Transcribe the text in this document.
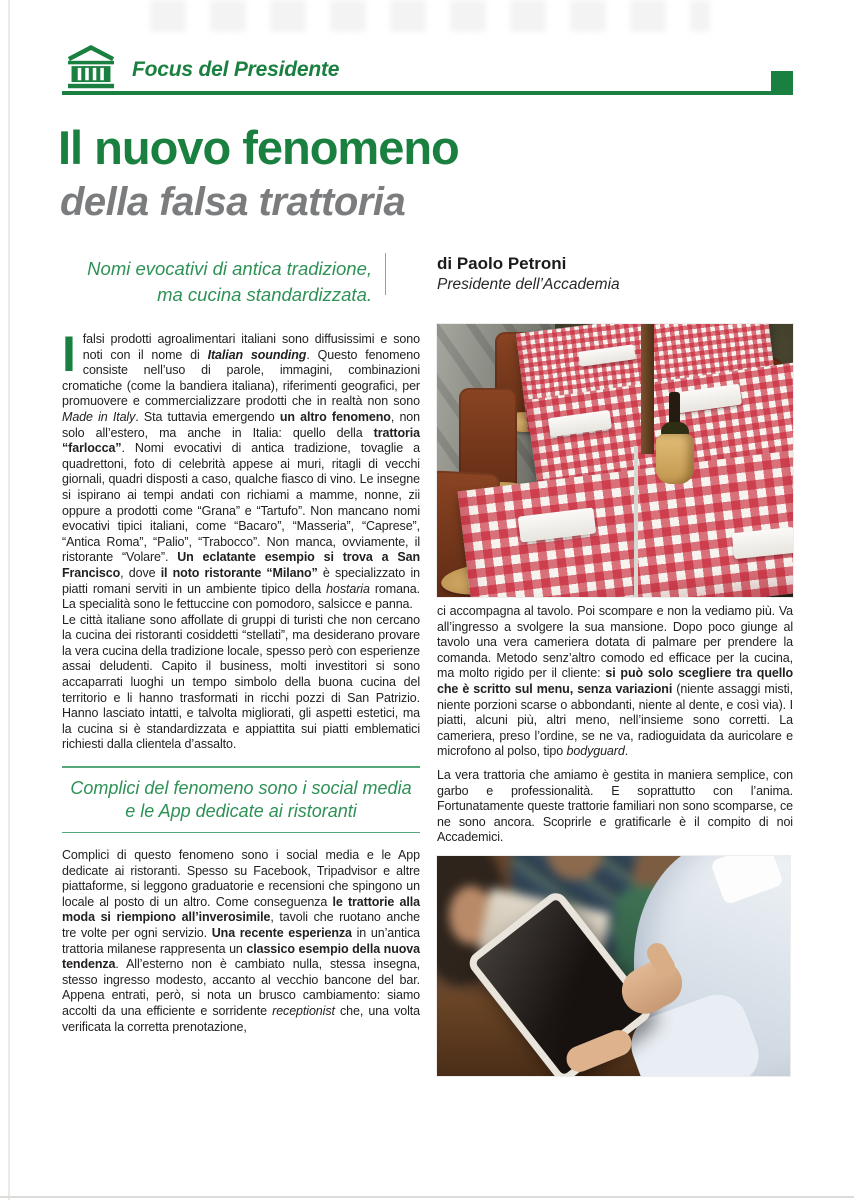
Focus del Presidente
Il nuovo fenomeno
della falsa trattoria
Nomi evocativi di antica tradizione,
ma cucina standardizzata.
di Paolo Petroni
Presidente dell’Accademia

Ifalsi prodotti agroalimentari italiani sono diffusissimi e sono noti con il nome di Italian sounding. Questo fenomeno consiste nell’uso di parole, immagini, combinazioni cromatiche (come la bandiera italiana), riferimenti geografici, per promuovere e commercializzare prodotti che in realtà non sono Made in Italy. Sta tuttavia emergendo un altro fenomeno, non solo all’estero, ma anche in Italia: quello della trattoria “farlocca”. Nomi evocativi di antica tradizione, tovaglie a quadrettoni, foto di celebrità appese ai muri, ritagli di vecchi giornali, quadri disposti a caso, qualche fiasco di vino. Le insegne si ispirano ai tempi andati con richiami a mamme, nonne, zii oppure a prodotti come “Grana” e “Tartufo”. Non mancano nomi evocativi tipici italiani, come “Bacaro”, “Masseria”, “Caprese”, “Antica Roma”, “Palio”, “Trabocco”. Non manca, ovviamente, il ristorante “Volare”. Un eclatante esempio si trova a San Francisco, dove il noto ristorante “Milano” è specializzato in piatti romani serviti in un ambiente tipico della hostaria romana. La specialità sono le fettuccine con pomodoro, salsicce e panna.

Le città italiane sono affollate di gruppi di turisti che non cercano la cucina dei ristoranti cosiddetti “stellati”, ma desiderano provare la vera cucina della tradizione locale, spesso però con esperienze assai deludenti. Capito il business, molti investitori si sono accaparrati luoghi un tempo simbolo della buona cucina del territorio e li hanno trasformati in ricchi pozzi di San Patrizio. Hanno lasciato intatti, e talvolta migliorati, gli aspetti estetici, ma la cucina si è standardizzata e appiattita sui piatti emblematici richiesti dalla clientela d’assalto.

Complici del fenomeno sono i social media
e le App dedicate ai ristoranti

Complici di questo fenomeno sono i social media e le App dedicate ai ristoranti. Spesso su Facebook, Tripadvisor e altre piattaforme, si leggono graduatorie e recensioni che spingono un locale al posto di un altro. Come conseguenza le trattorie alla moda si riempiono all’inverosimile, tavoli che ruotano anche tre volte per ogni servizio. Una recente esperienza in un’antica trattoria milanese rappresenta un classico esempio della nuova tendenza. All’esterno non è cambiato nulla, stessa insegna, stesso ingresso modesto, accanto al vecchio bancone del bar. Appena entrati, però, si nota un brusco cambiamento: siamo accolti da una efficiente e sorridente receptionist che, una volta verificata la corretta prenotazione,

ci accompagna al tavolo. Poi scompare e non la vediamo più. Va all’ingresso a svolgere la sua mansione. Dopo poco giunge al tavolo una vera cameriera dotata di palmare per prendere la comanda. Metodo senz’altro comodo ed efficace per la cucina, ma molto rigido per il cliente: si può solo scegliere tra quello che è scritto sul menu, senza variazioni (niente assaggi misti, niente porzioni scarse o abbondanti, niente al dente, e così via). I piatti, alcuni più, altri meno, nell’insieme sono corretti. La cameriera, preso l’ordine, se ne va, radioguidata da auricolare e microfono al polso, tipo bodyguard.

La vera trattoria che amiamo è gestita in maniera semplice, con garbo e professionalità. E soprattutto con l’anima. Fortunatamente queste trattorie familiari non sono scomparse, ce ne sono ancora. Scoprirle e gratificarle è il compito di noi Accademici.
